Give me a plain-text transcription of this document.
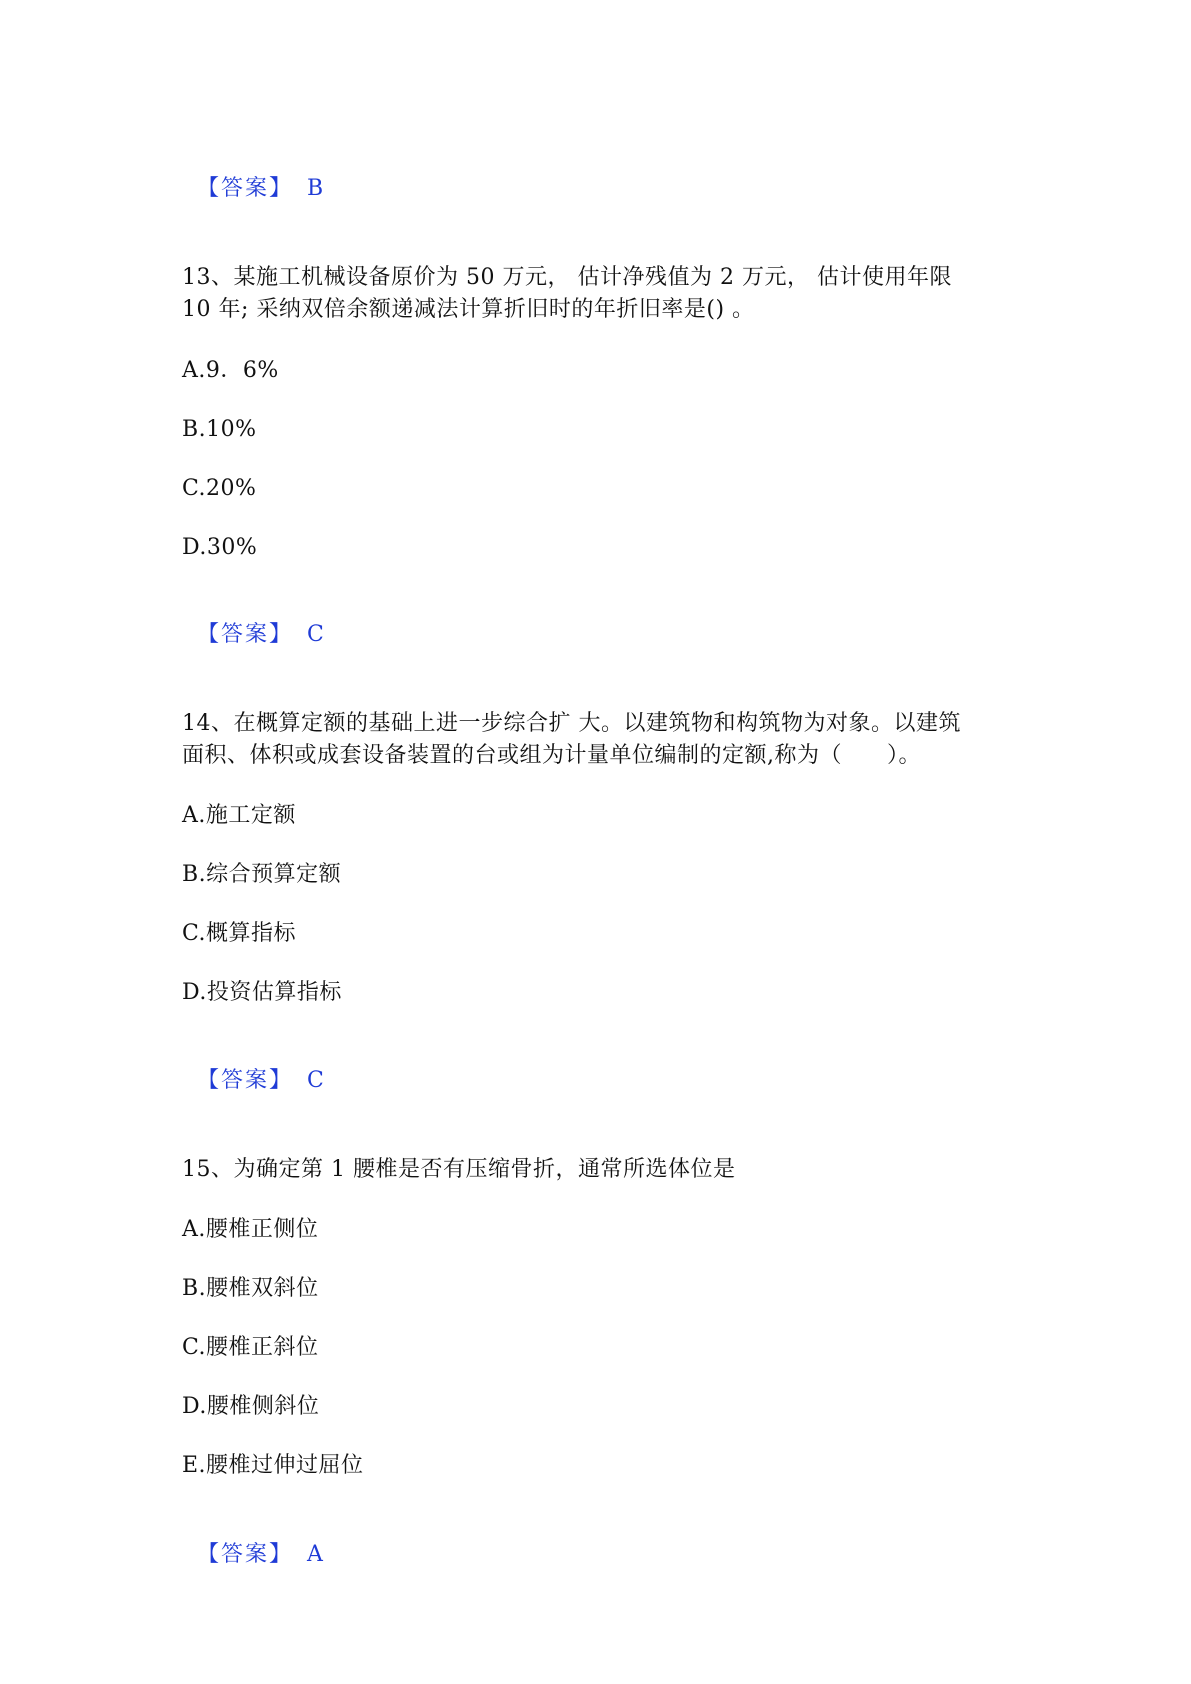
【答案】 B

13、某施工机械设备原价为 50 万元， 估计净残值为 2 万元， 估计使用年限
10 年; 采纳双倍余额递减法计算折旧时的年折旧率是() 。
A.9．6%
B.10%
C.20%
D.30%

【答案】 C

14、在概算定额的基础上进一步综合扩 大。以建筑物和构筑物为对象。以建筑
面积、体积或成套设备装置的台或组为计量单位编制的定额,称为（　　）。
A.施工定额
B.综合预算定额
C.概算指标
D.投资估算指标

【答案】 C

15、为确定第 1 腰椎是否有压缩骨折，通常所选体位是
A.腰椎正侧位
B.腰椎双斜位
C.腰椎正斜位
D.腰椎侧斜位
E.腰椎过伸过屈位

【答案】 A
